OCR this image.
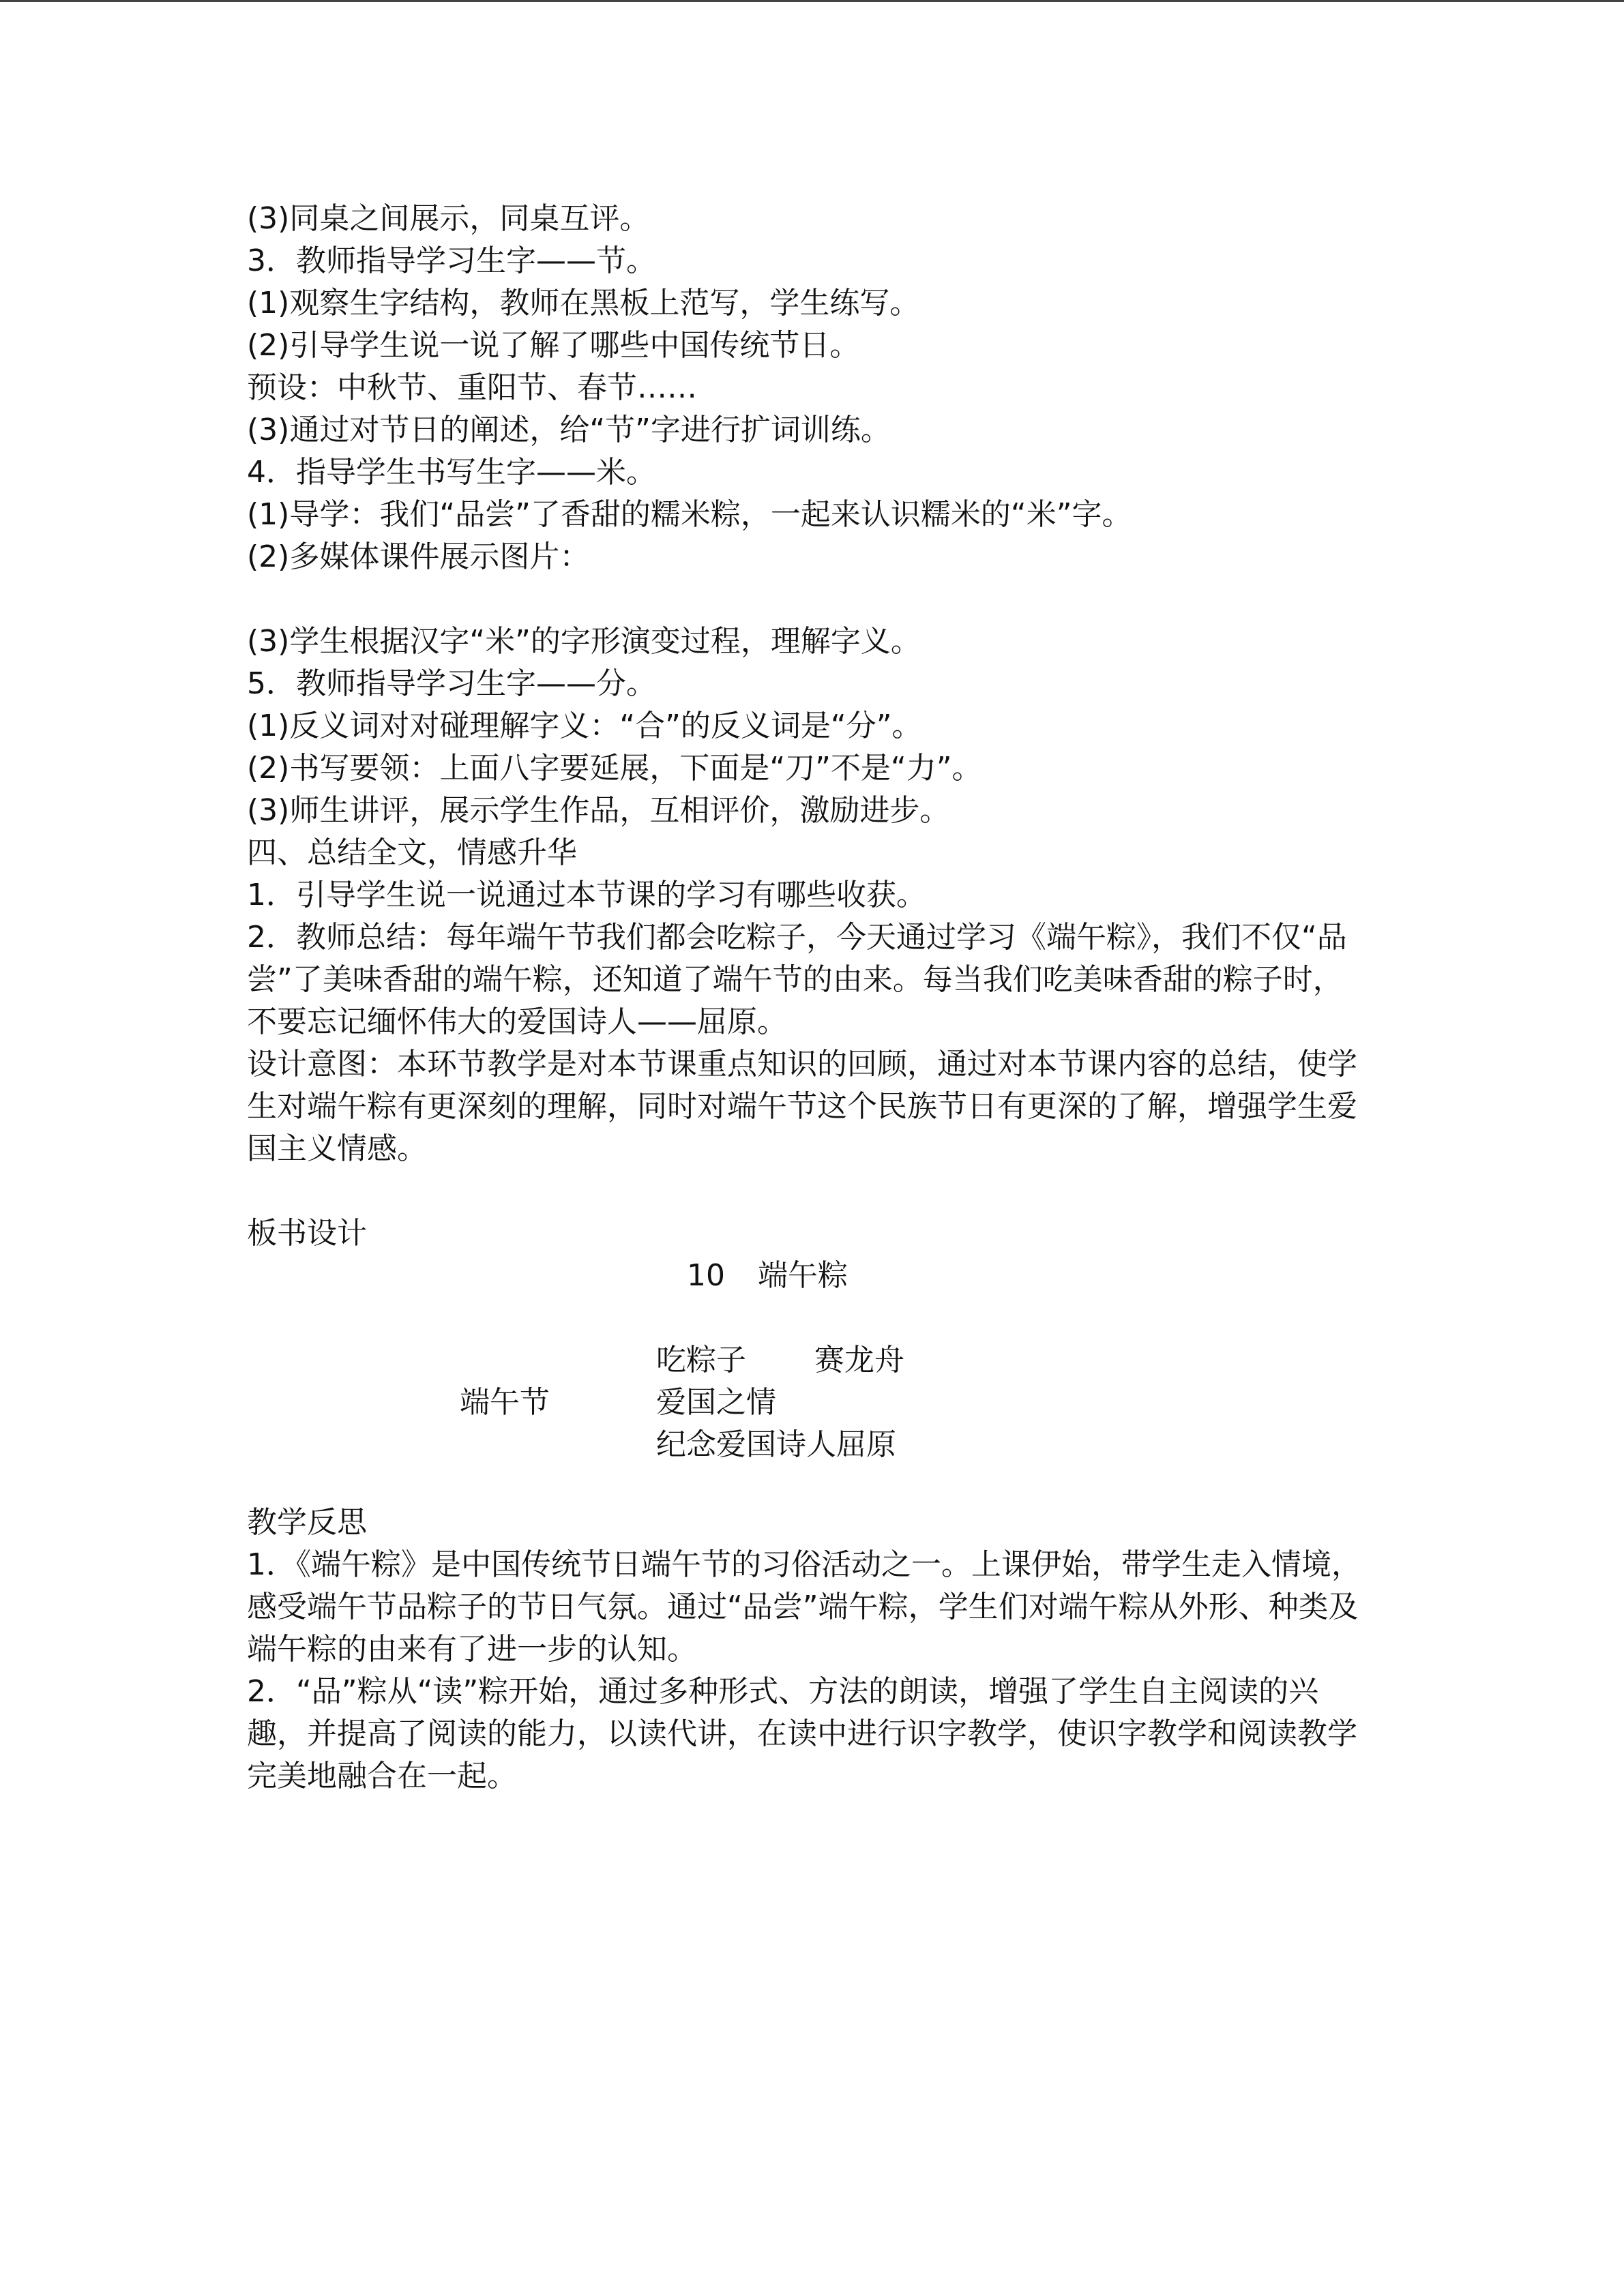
(3)同桌之间展示，同桌互评。

3．教师指导学习生字——节。

(1)观察生字结构，教师在黑板上范写，学生练写。

(2)引导学生说一说了解了哪些中国传统节日。

预设：中秋节、重阳节、春节……

(3)通过对节日的阐述，给“节”字进行扩词训练。

4．指导学生书写生字——米。

(1)导学：我们“品尝”了香甜的糯米粽，一起来认识糯米的“米”字。

(2)多媒体课件展示图片：

(3)学生根据汉字“米”的字形演变过程，理解字义。

5．教师指导学习生字——分。

(1)反义词对对碰理解字义：“合”的反义词是“分”。

(2)书写要领：上面八字要延展，下面是“刀”不是“力”。

(3)师生讲评，展示学生作品，互相评价，激励进步。

四、总结全文，情感升华

1．引导学生说一说通过本节课的学习有哪些收获。

2．教师总结：每年端午节我们都会吃粽子，今天通过学习《端午粽》，我们不仅“品尝”了美味香甜的端午粽，还知道了端午节的由来。每当我们吃美味香甜的粽子时，不要忘记缅怀伟大的爱国诗人——屈原。

设计意图：本环节教学是对本节课重点知识的回顾，通过对本节课内容的总结，使学生对端午粽有更深刻的理解，同时对端午节这个民族节日有更深的了解，增强学生爱国主义情感。

板书设计

10 端午粽
吃粽子 赛龙舟
端午节	爱国之情
纪念爱国诗人屈原

教学反思

1．《端午粽》是中国传统节日端午节的习俗活动之一。上课伊始，带学生走入情境，感受端午节品粽子的节日气氛。通过“品尝”端午粽，学生们对端午粽从外形、种类及端午粽的由来有了进一步的认知。

2．“品”粽从“读”粽开始，通过多种形式、方法的朗读，增强了学生自主阅读的兴趣，并提高了阅读的能力，以读代讲，在读中进行识字教学，使识字教学和阅读教学完美地融合在一起。
